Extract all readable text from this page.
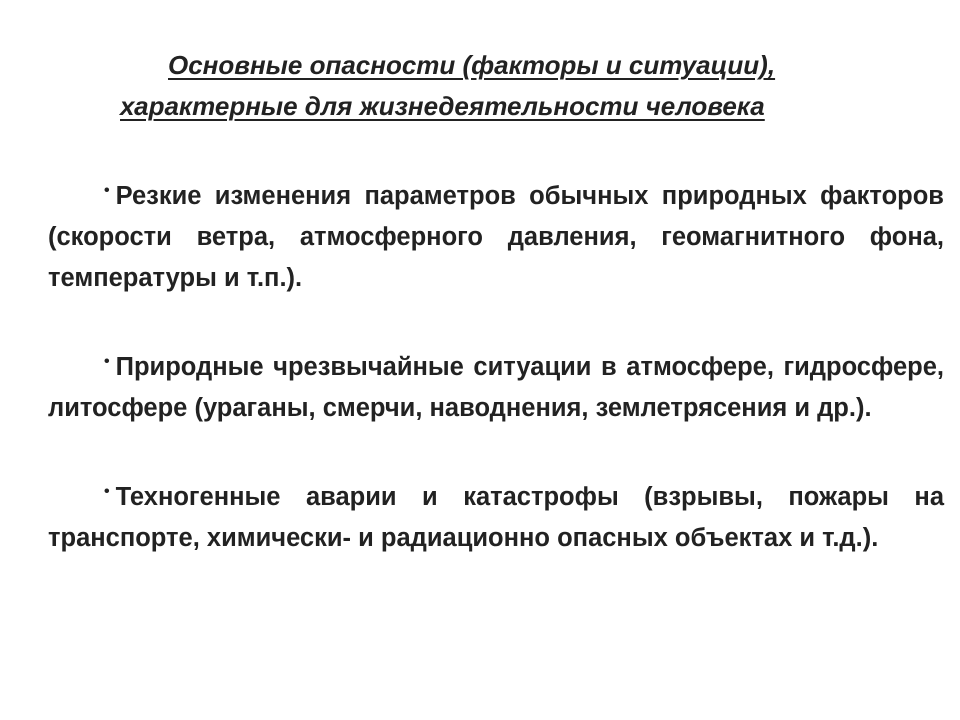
Основные опасности (факторы и ситуации),
характерные для жизнедеятельности человека

• Резкие изменения параметров обычных природных факторов (скорости ветра, атмосферного давления, геомагнитного фона, температуры и т.п.).

• Природные чрезвычайные ситуации в атмосфере, гидросфере, литосфере (ураганы, смерчи, наводнения, землетрясения и др.).

• Техногенные аварии и катастрофы (взрывы, пожары на транспорте, химически- и радиационно опасных объектах и т.д.).
